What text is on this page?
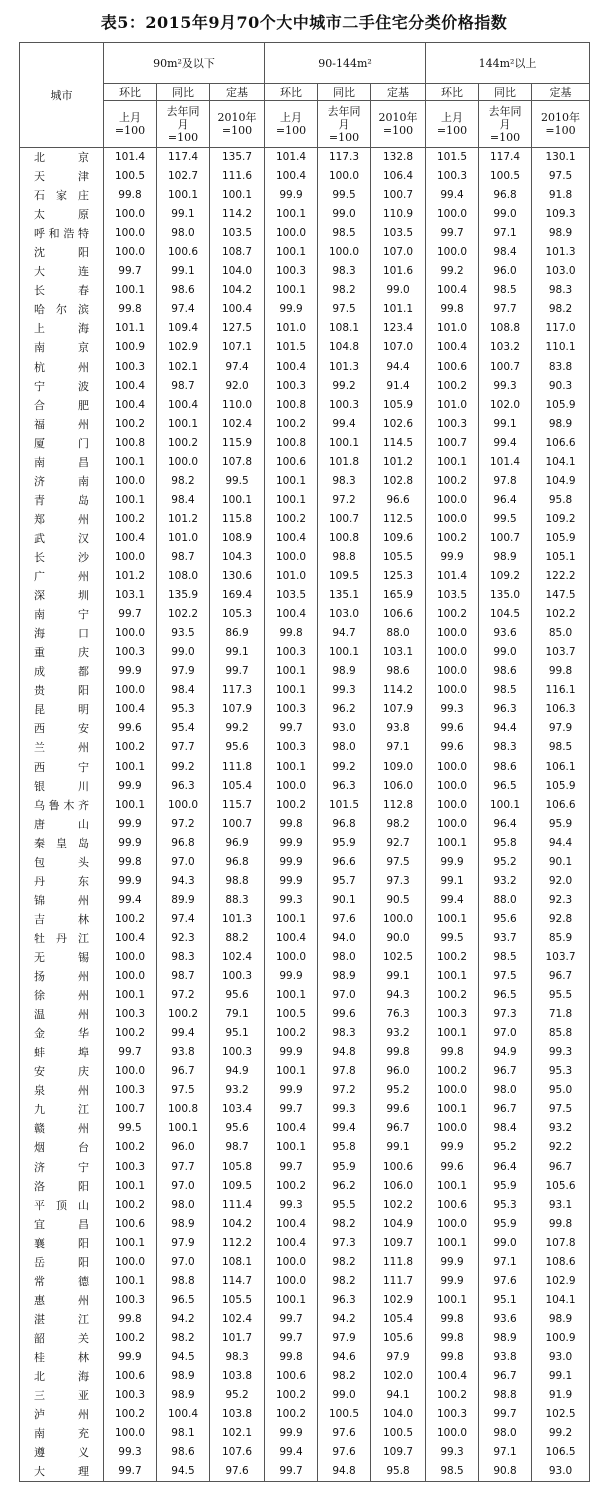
表5：2015年9月70个大中城市二手住宅分类价格指数
城市	90m²及以下			90-144m²			144m²以上		
	环比	同比	定基	环比	同比	定基	环比	同比	定基
	上月=100	去年同月=100	2010年=100	上月=100	去年同月=100	2010年=100	上月=100	去年同月=100	2010年=100
北　京	101.4	117.4	135.7	101.4	117.3	132.8	101.5	117.4	130.1
天　津	100.5	102.7	111.6	100.4	100.0	106.4	100.3	100.5	97.5
石家庄	99.8	100.1	100.1	99.9	99.5	100.7	99.4	96.8	91.8
太　原	100.0	99.1	114.2	100.1	99.0	110.9	100.0	99.0	109.3
呼和浩特	100.0	98.0	103.5	100.0	98.5	103.5	99.7	97.1	98.9
沈　阳	100.0	100.6	108.7	100.1	100.0	107.0	100.0	98.4	101.3
大　连	99.7	99.1	104.0	100.3	98.3	101.6	99.2	96.0	103.0
长　春	100.1	98.6	104.2	100.1	98.2	99.0	100.4	98.5	98.3
哈尔滨	99.8	97.4	100.4	99.9	97.5	101.1	99.8	97.7	98.2
上　海	101.1	109.4	127.5	101.0	108.1	123.4	101.0	108.8	117.0
南　京	100.9	102.9	107.1	101.5	104.8	107.0	100.4	103.2	110.1
杭　州	100.3	102.1	97.4	100.4	101.3	94.4	100.6	100.7	83.8
宁　波	100.4	98.7	92.0	100.3	99.2	91.4	100.2	99.3	90.3
合　肥	100.4	100.4	110.0	100.8	100.3	105.9	101.0	102.0	105.9
福　州	100.2	100.1	102.4	100.2	99.4	102.6	100.3	99.1	98.9
厦　门	100.8	100.2	115.9	100.8	100.1	114.5	100.7	99.4	106.6
南　昌	100.1	100.0	107.8	100.6	101.8	101.2	100.1	101.4	104.1
济　南	100.0	98.2	99.5	100.1	98.3	102.8	100.2	97.8	104.9
青　岛	100.1	98.4	100.1	100.1	97.2	96.6	100.0	96.4	95.8
郑　州	100.2	101.2	115.8	100.2	100.7	112.5	100.0	99.5	109.2
武　汉	100.4	101.0	108.9	100.4	100.8	109.6	100.2	100.7	105.9
长　沙	100.0	98.7	104.3	100.0	98.8	105.5	99.9	98.9	105.1
广　州	101.2	108.0	130.6	101.0	109.5	125.3	101.4	109.2	122.2
深　圳	103.1	135.9	169.4	103.5	135.1	165.9	103.5	135.0	147.5
南　宁	99.7	102.2	105.3	100.4	103.0	106.6	100.2	104.5	102.2
海　口	100.0	93.5	86.9	99.8	94.7	88.0	100.0	93.6	85.0
重　庆	100.3	99.0	99.1	100.3	100.1	103.1	100.0	99.0	103.7
成　都	99.9	97.9	99.7	100.1	98.9	98.6	100.0	98.6	99.8
贵　阳	100.0	98.4	117.3	100.1	99.3	114.2	100.0	98.5	116.1
昆　明	100.4	95.3	107.9	100.3	96.2	107.9	99.3	96.3	106.3
西　安	99.6	95.4	99.2	99.7	93.0	93.8	99.6	94.4	97.9
兰　州	100.2	97.7	95.6	100.3	98.0	97.1	99.6	98.3	98.5
西　宁	100.1	99.2	111.8	100.1	99.2	109.0	100.0	98.6	106.1
银　川	99.9	96.3	105.4	100.0	96.3	106.0	100.0	96.5	105.9
乌鲁木齐	100.1	100.0	115.7	100.2	101.5	112.8	100.0	100.1	106.6
唐　山	99.9	97.2	100.7	99.8	96.8	98.2	100.0	96.4	95.9
秦皇岛	99.9	96.8	96.9	99.9	95.9	92.7	100.1	95.8	94.4
包　头	99.8	97.0	96.8	99.9	96.6	97.5	99.9	95.2	90.1
丹　东	99.9	94.3	98.8	99.9	95.7	97.3	99.1	93.2	92.0
锦　州	99.4	89.9	88.3	99.3	90.1	90.5	99.4	88.0	92.3
吉　林	100.2	97.4	101.3	100.1	97.6	100.0	100.1	95.6	92.8
牡丹江	100.4	92.3	88.2	100.4	94.0	90.0	99.5	93.7	85.9
无　锡	100.0	98.3	102.4	100.0	98.0	102.5	100.2	98.5	103.7
扬　州	100.0	98.7	100.3	99.9	98.9	99.1	100.1	97.5	96.7
徐　州	100.1	97.2	95.6	100.1	97.0	94.3	100.2	96.5	95.5
温　州	100.3	100.2	79.1	100.5	99.6	76.3	100.3	97.3	71.8
金　华	100.2	99.4	95.1	100.2	98.3	93.2	100.1	97.0	85.8
蚌　埠	99.7	93.8	100.3	99.9	94.8	99.8	99.8	94.9	99.3
安　庆	100.0	96.7	94.9	100.1	97.8	96.0	100.2	96.7	95.3
泉　州	100.3	97.5	93.2	99.9	97.2	95.2	100.0	98.0	95.0
九　江	100.7	100.8	103.4	99.7	99.3	99.6	100.1	96.7	97.5
赣　州	99.5	100.1	95.6	100.4	99.4	96.7	100.0	98.4	93.2
烟　台	100.2	96.0	98.7	100.1	95.8	99.1	99.9	95.2	92.2
济　宁	100.3	97.7	105.8	99.7	95.9	100.6	99.6	96.4	96.7
洛　阳	100.1	97.0	109.5	100.2	96.2	106.0	100.1	95.9	105.6
平顶山	100.2	98.0	111.4	99.3	95.5	102.2	100.6	95.3	93.1
宜　昌	100.6	98.9	104.2	100.4	98.2	104.9	100.0	95.9	99.8
襄　阳	100.1	97.9	112.2	100.4	97.3	109.7	100.1	99.0	107.8
岳　阳	100.0	97.0	108.1	100.0	98.2	111.8	99.9	97.1	108.6
常　德	100.1	98.8	114.7	100.0	98.2	111.7	99.9	97.6	102.9
惠　州	100.3	96.5	105.5	100.1	96.3	102.9	100.1	95.1	104.1
湛　江	99.8	94.2	102.4	99.7	94.2	105.4	99.8	93.6	98.9
韶　关	100.2	98.2	101.7	99.7	97.9	105.6	99.8	98.9	100.9
桂　林	99.9	94.5	98.3	99.8	94.6	97.9	99.8	93.8	93.0
北　海	100.6	98.9	103.8	100.6	98.2	102.0	100.4	96.7	99.1
三　亚	100.3	98.9	95.2	100.2	99.0	94.1	100.2	98.8	91.9
泸　州	100.2	100.4	103.8	100.2	100.5	104.0	100.3	99.7	102.5
南　充	100.0	98.1	102.1	99.9	97.6	100.5	100.0	98.0	99.2
遵　义	99.3	98.6	107.6	99.4	97.6	109.7	99.3	97.1	106.5
大　理	99.7	94.5	97.6	99.7	94.8	95.8	98.5	90.8	93.0
